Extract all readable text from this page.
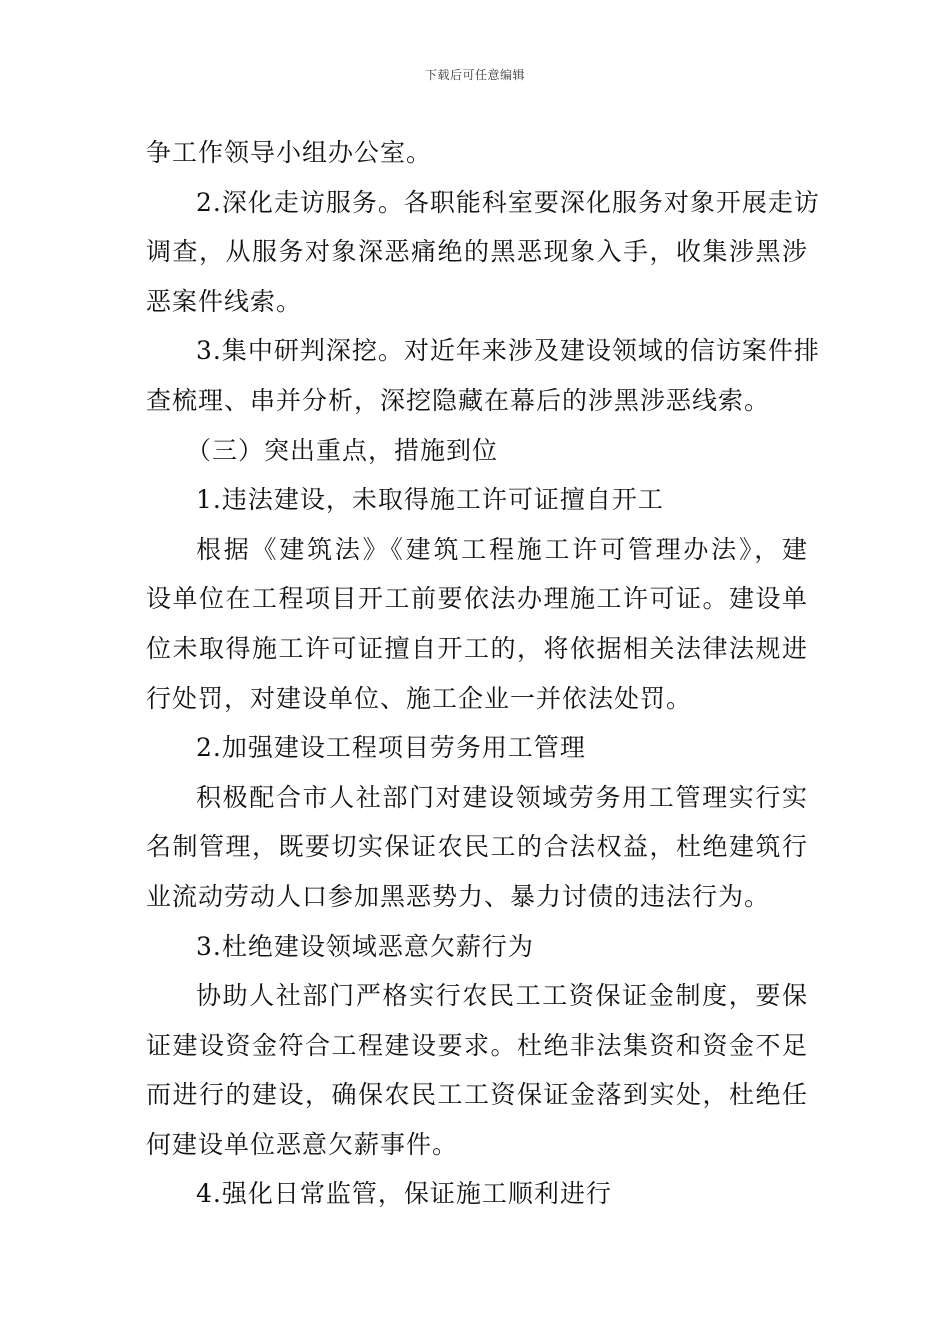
下载后可任意编辑
争工作领导小组办公室。
2.深化走访服务。各职能科室要深化服务对象开展走访
调查，从服务对象深恶痛绝的黑恶现象入手，收集涉黑涉
恶案件线索。
3.集中研判深挖。对近年来涉及建设领域的信访案件排
查梳理、串并分析，深挖隐藏在幕后的涉黑涉恶线索。
（三）突出重点，措施到位
1.违法建设，未取得施工许可证擅自开工
根据《建筑法》《建筑工程施工许可管理办法》，建
设单位在工程项目开工前要依法办理施工许可证。建设单
位未取得施工许可证擅自开工的，将依据相关法律法规进
行处罚，对建设单位、施工企业一并依法处罚。
2.加强建设工程项目劳务用工管理
积极配合市人社部门对建设领域劳务用工管理实行实
名制管理，既要切实保证农民工的合法权益，杜绝建筑行
业流动劳动人口参加黑恶势力、暴力讨债的违法行为。
3.杜绝建设领域恶意欠薪行为
协助人社部门严格实行农民工工资保证金制度，要保
证建设资金符合工程建设要求。杜绝非法集资和资金不足
而进行的建设，确保农民工工资保证金落到实处，杜绝任
何建设单位恶意欠薪事件。
4.强化日常监管，保证施工顺利进行
